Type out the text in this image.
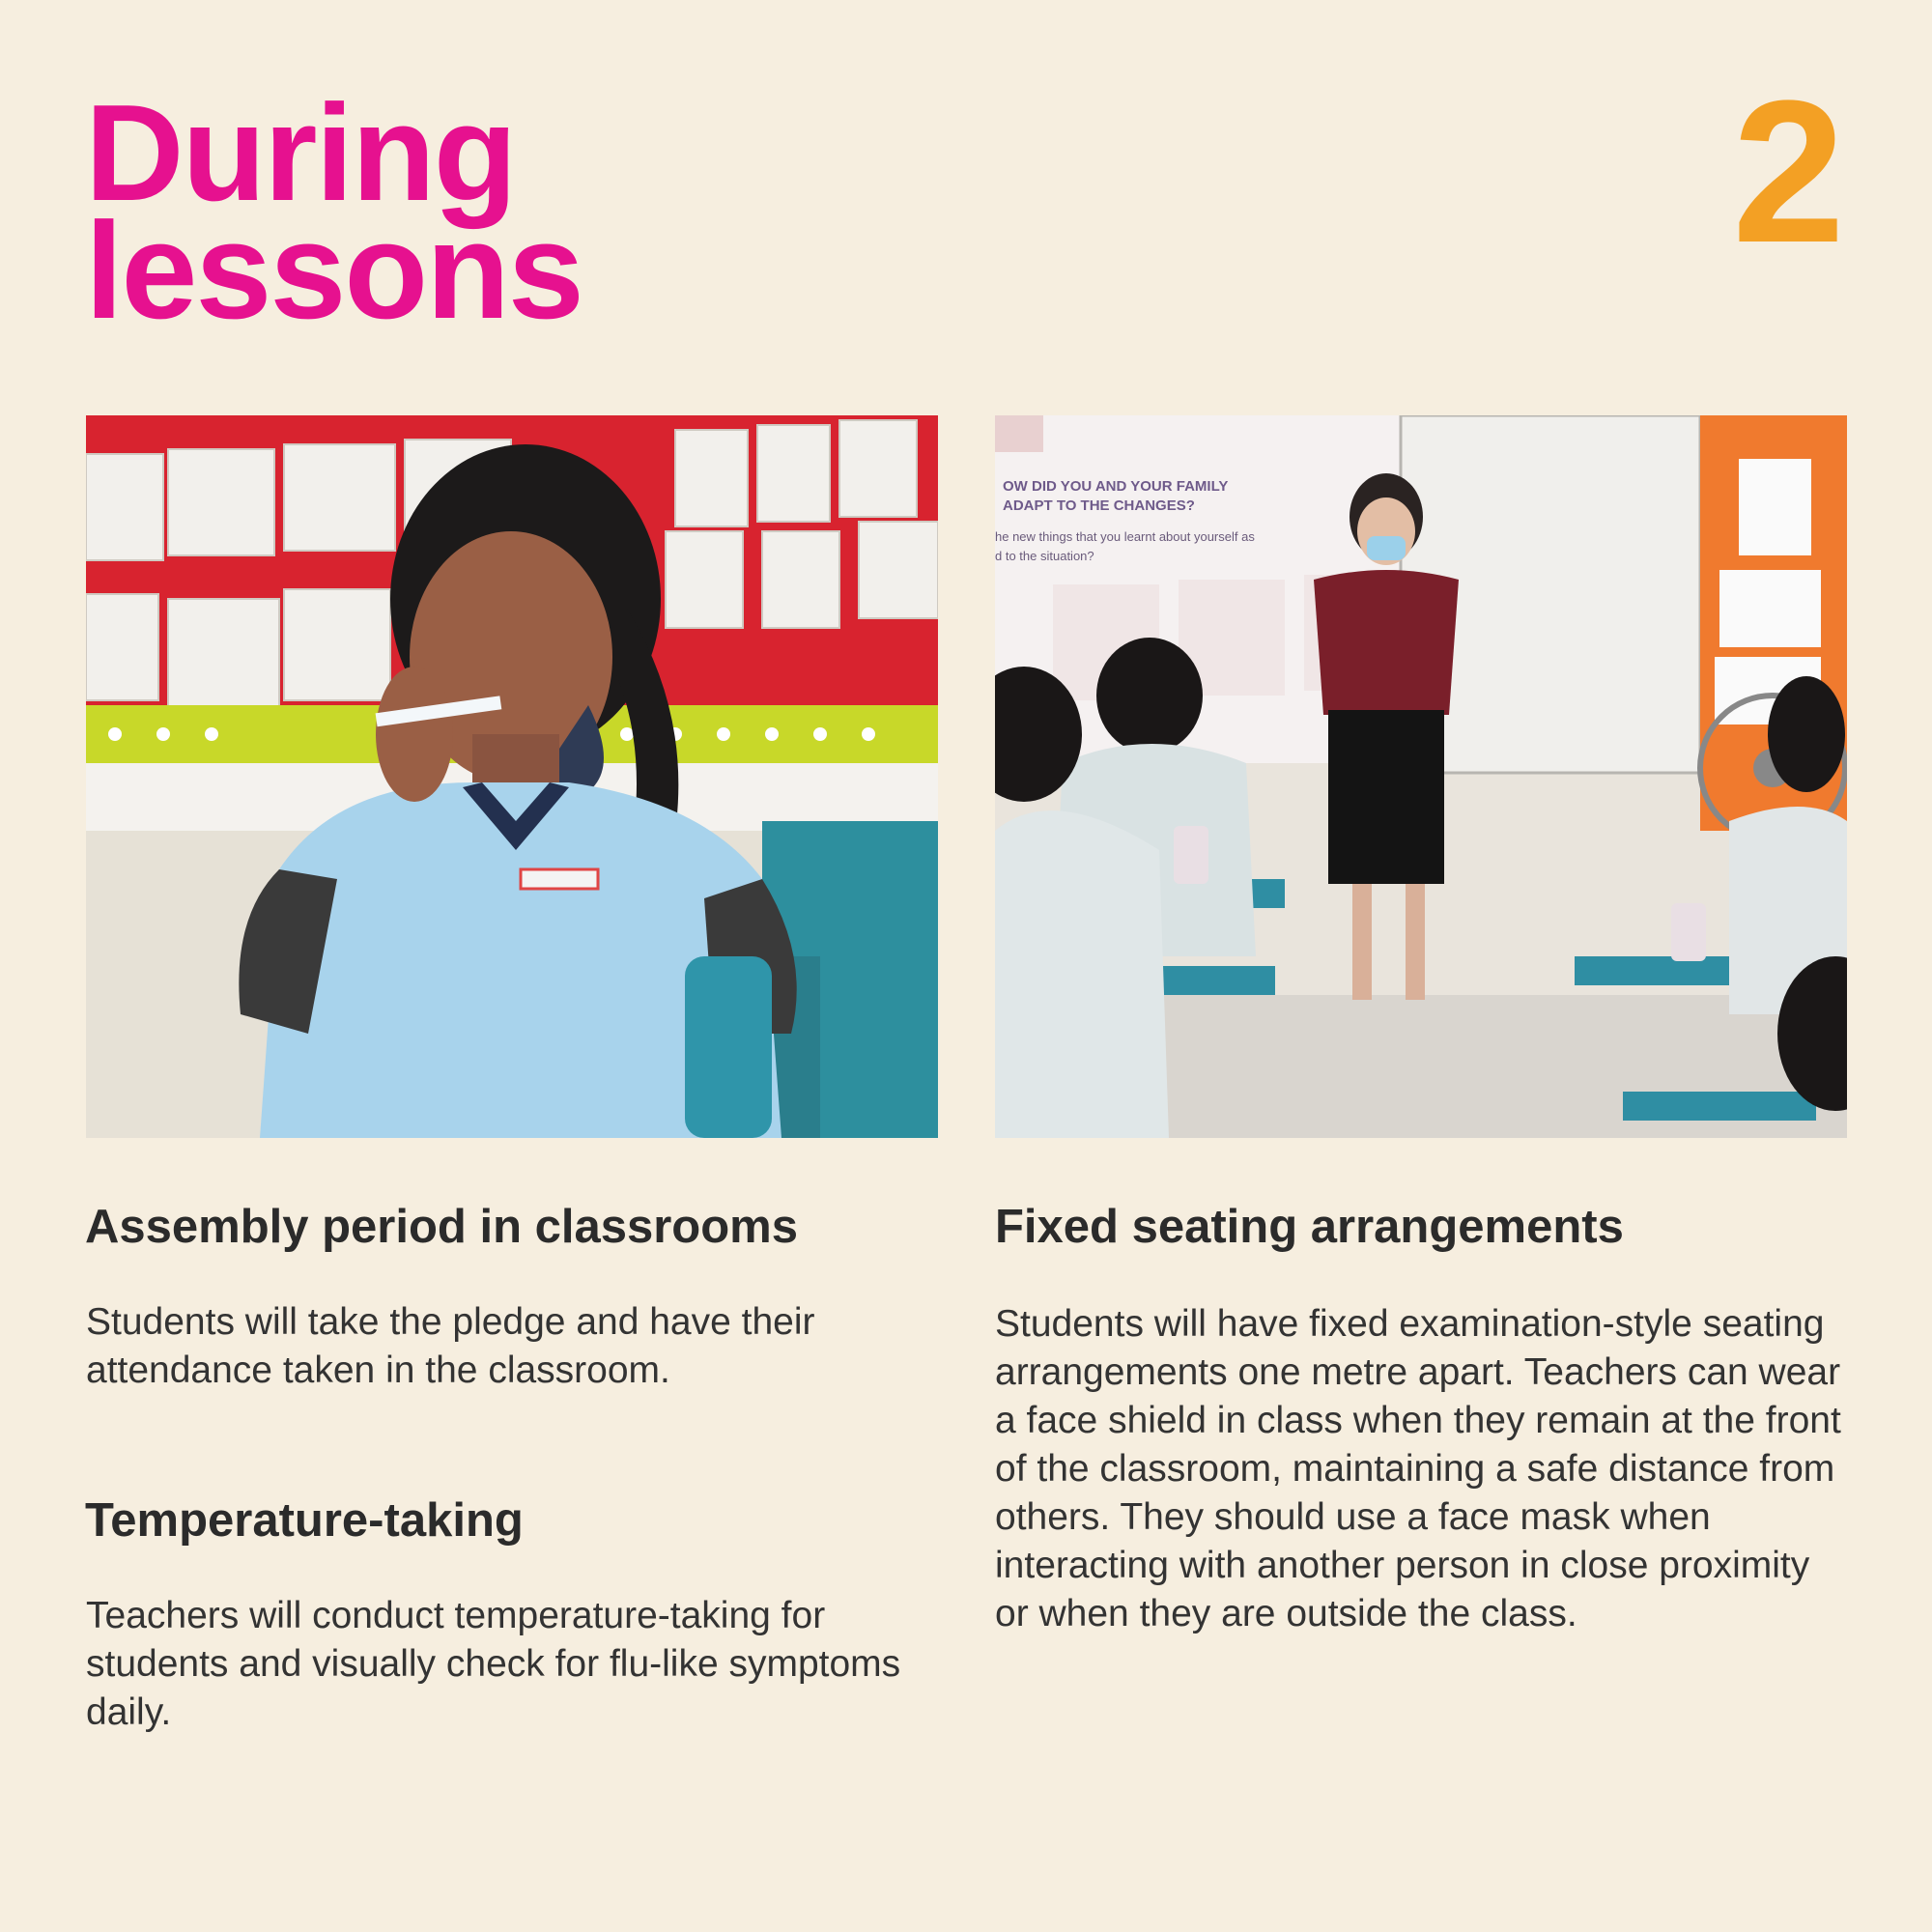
During
lessons	2
OW DID YOU AND YOUR FAMILY
ADAPT TO THE CHANGES?
he new things that you learnt about yourself as
d to the situation?
Assembly period in classrooms

Students will take the pledge and have their attendance taken in the classroom.

Temperature-taking

Teachers will conduct temperature-taking for students and visually check for flu-like symptoms daily.

Fixed seating arrangements

Students will have fixed examination-style seating arrangements one metre apart. Teachers can wear a face shield in class when they remain at the front of the classroom, maintaining a safe distance from others. They should use a face mask when interacting with another person in close proximity or when they are outside the class.
